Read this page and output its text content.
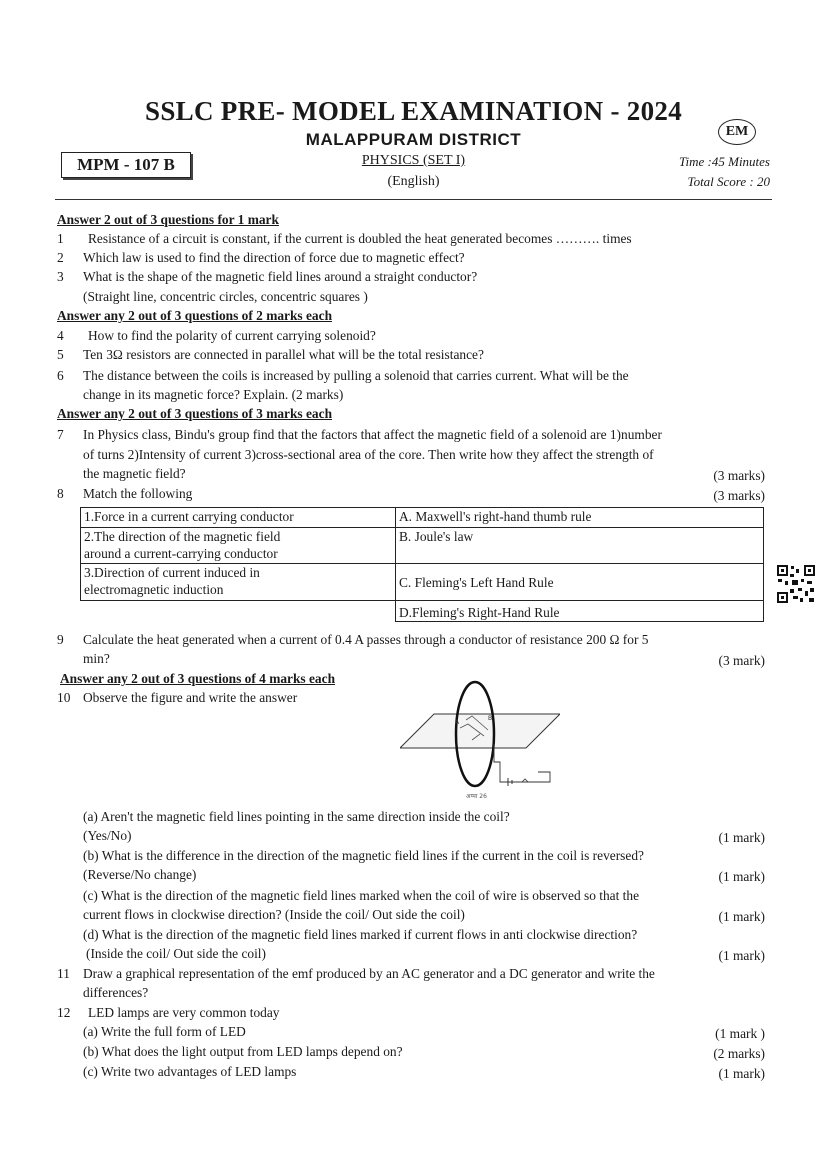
SSLC PRE- MODEL EXAMINATION - 2024
MALAPPURAM DISTRICT	EM
MPM - 107 B	PHYSICS (SET I)
(English)
Time :45 Minutes
Total Score : 20
Answer 2 out of 3 questions for 1 mark
1 Resistance of a circuit is constant, if the current is doubled the heat generated becomes ………. times
2 Which law is used to find the direction of force due to magnetic effect?
3 What is the shape of the magnetic field lines around a straight conductor?
(Straight line, concentric circles, concentric squares )
Answer any 2 out of 3 questions of 2 marks each
4 How to find the polarity of current carrying solenoid?
5 Ten 3Ω resistors are connected in parallel what will be the total resistance?
6 The distance between the coils is increased by pulling a solenoid that carries current. What will be the
change in its magnetic force? Explain. (2 marks)
Answer any 2 out of 3 questions of 3 marks each
7 In Physics class, Bindu's group find that the factors that affect the magnetic field of a solenoid are 1)number
of turns 2)Intensity of current 3)cross-sectional area of the core. Then write how they affect the strength of
the magnetic field?	(3 marks)
8 Match the following	(3 marks)
1.Force in a current carrying conductor	A. Maxwell's right-hand thumb rule
2.The direction of the magnetic field
around a current-carrying conductor	B. Joule's law
3.Direction of current induced in
electromagnetic induction	C. Fleming's Left Hand Rule
	D.Fleming's Right-Hand Rule
9 Calculate the heat generated when a current of 0.4 A passes through a conductor of resistance 200 Ω for 5
min?	(3 mark)
Answer any 2 out of 3 questions of 4 marks each
10 Observe the figure and write the answer
A
B
अप्पा 26
(a) Aren't the magnetic field lines pointing in the same direction inside the coil?
(Yes/No)	(1 mark)
(b) What is the difference in the direction of the magnetic field lines if the current in the coil is reversed?
(Reverse/No change)	(1 mark)
(c) What is the direction of the magnetic field lines marked when the coil of wire is observed so that the
current flows in clockwise direction? (Inside the coil/ Out side the coil)	(1 mark)
(d) What is the direction of the magnetic field lines marked if current flows in anti clockwise direction?
(Inside the coil/ Out side the coil)	(1 mark)
11 Draw a graphical representation of the emf produced by an AC generator and a DC generator and write the
differences?
12 LED lamps are very common today
(a) Write the full form of LED	(1 mark )
(b) What does the light output from LED lamps depend on?	(2 marks)
(c) Write two advantages of LED lamps	(1 mark)
